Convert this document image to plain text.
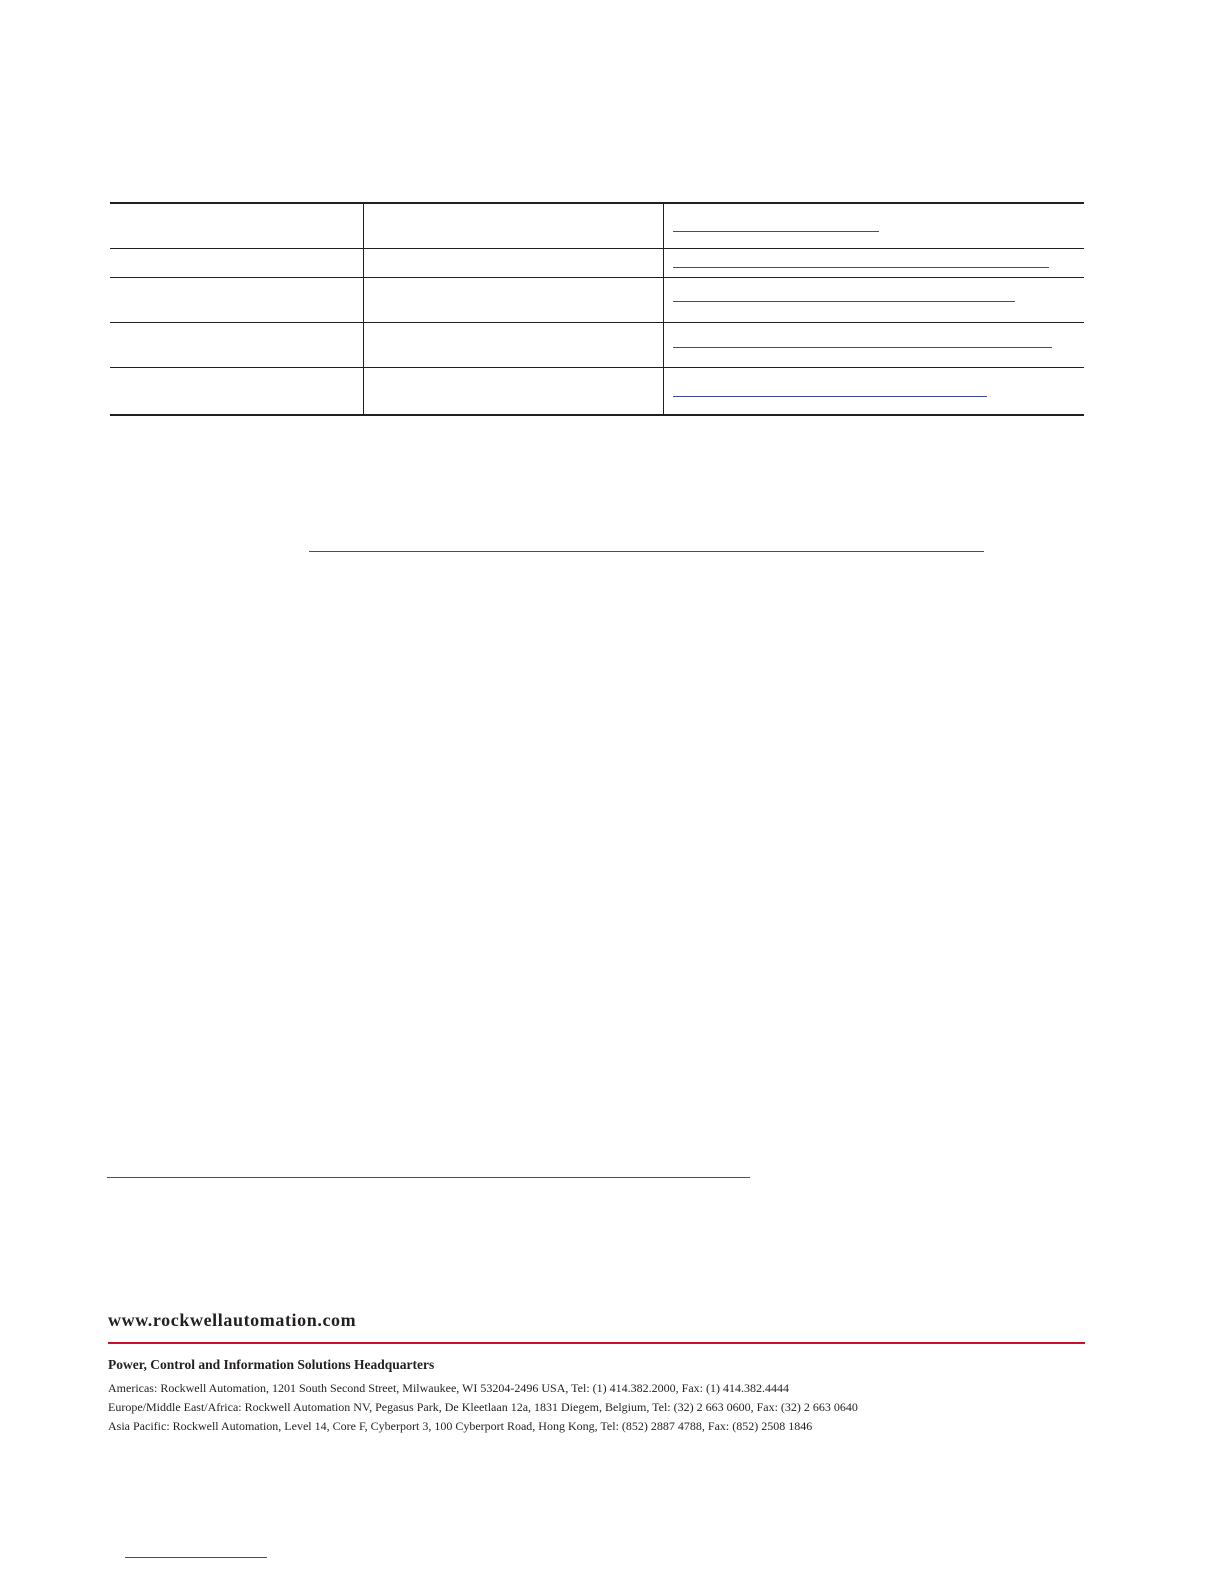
www.rockwellautomation.com

Power, Control and Information Solutions Headquarters

Americas: Rockwell Automation, 1201 South Second Street, Milwaukee, WI 53204-2496 USA, Tel: (1) 414.382.2000, Fax: (1) 414.382.4444

Europe/Middle East/Africa: Rockwell Automation NV, Pegasus Park, De Kleetlaan 12a, 1831 Diegem, Belgium, Tel: (32) 2 663 0600, Fax: (32) 2 663 0640

Asia Pacific: Rockwell Automation, Level 14, Core F, Cyberport 3, 100 Cyberport Road, Hong Kong, Tel: (852) 2887 4788, Fax: (852) 2508 1846
